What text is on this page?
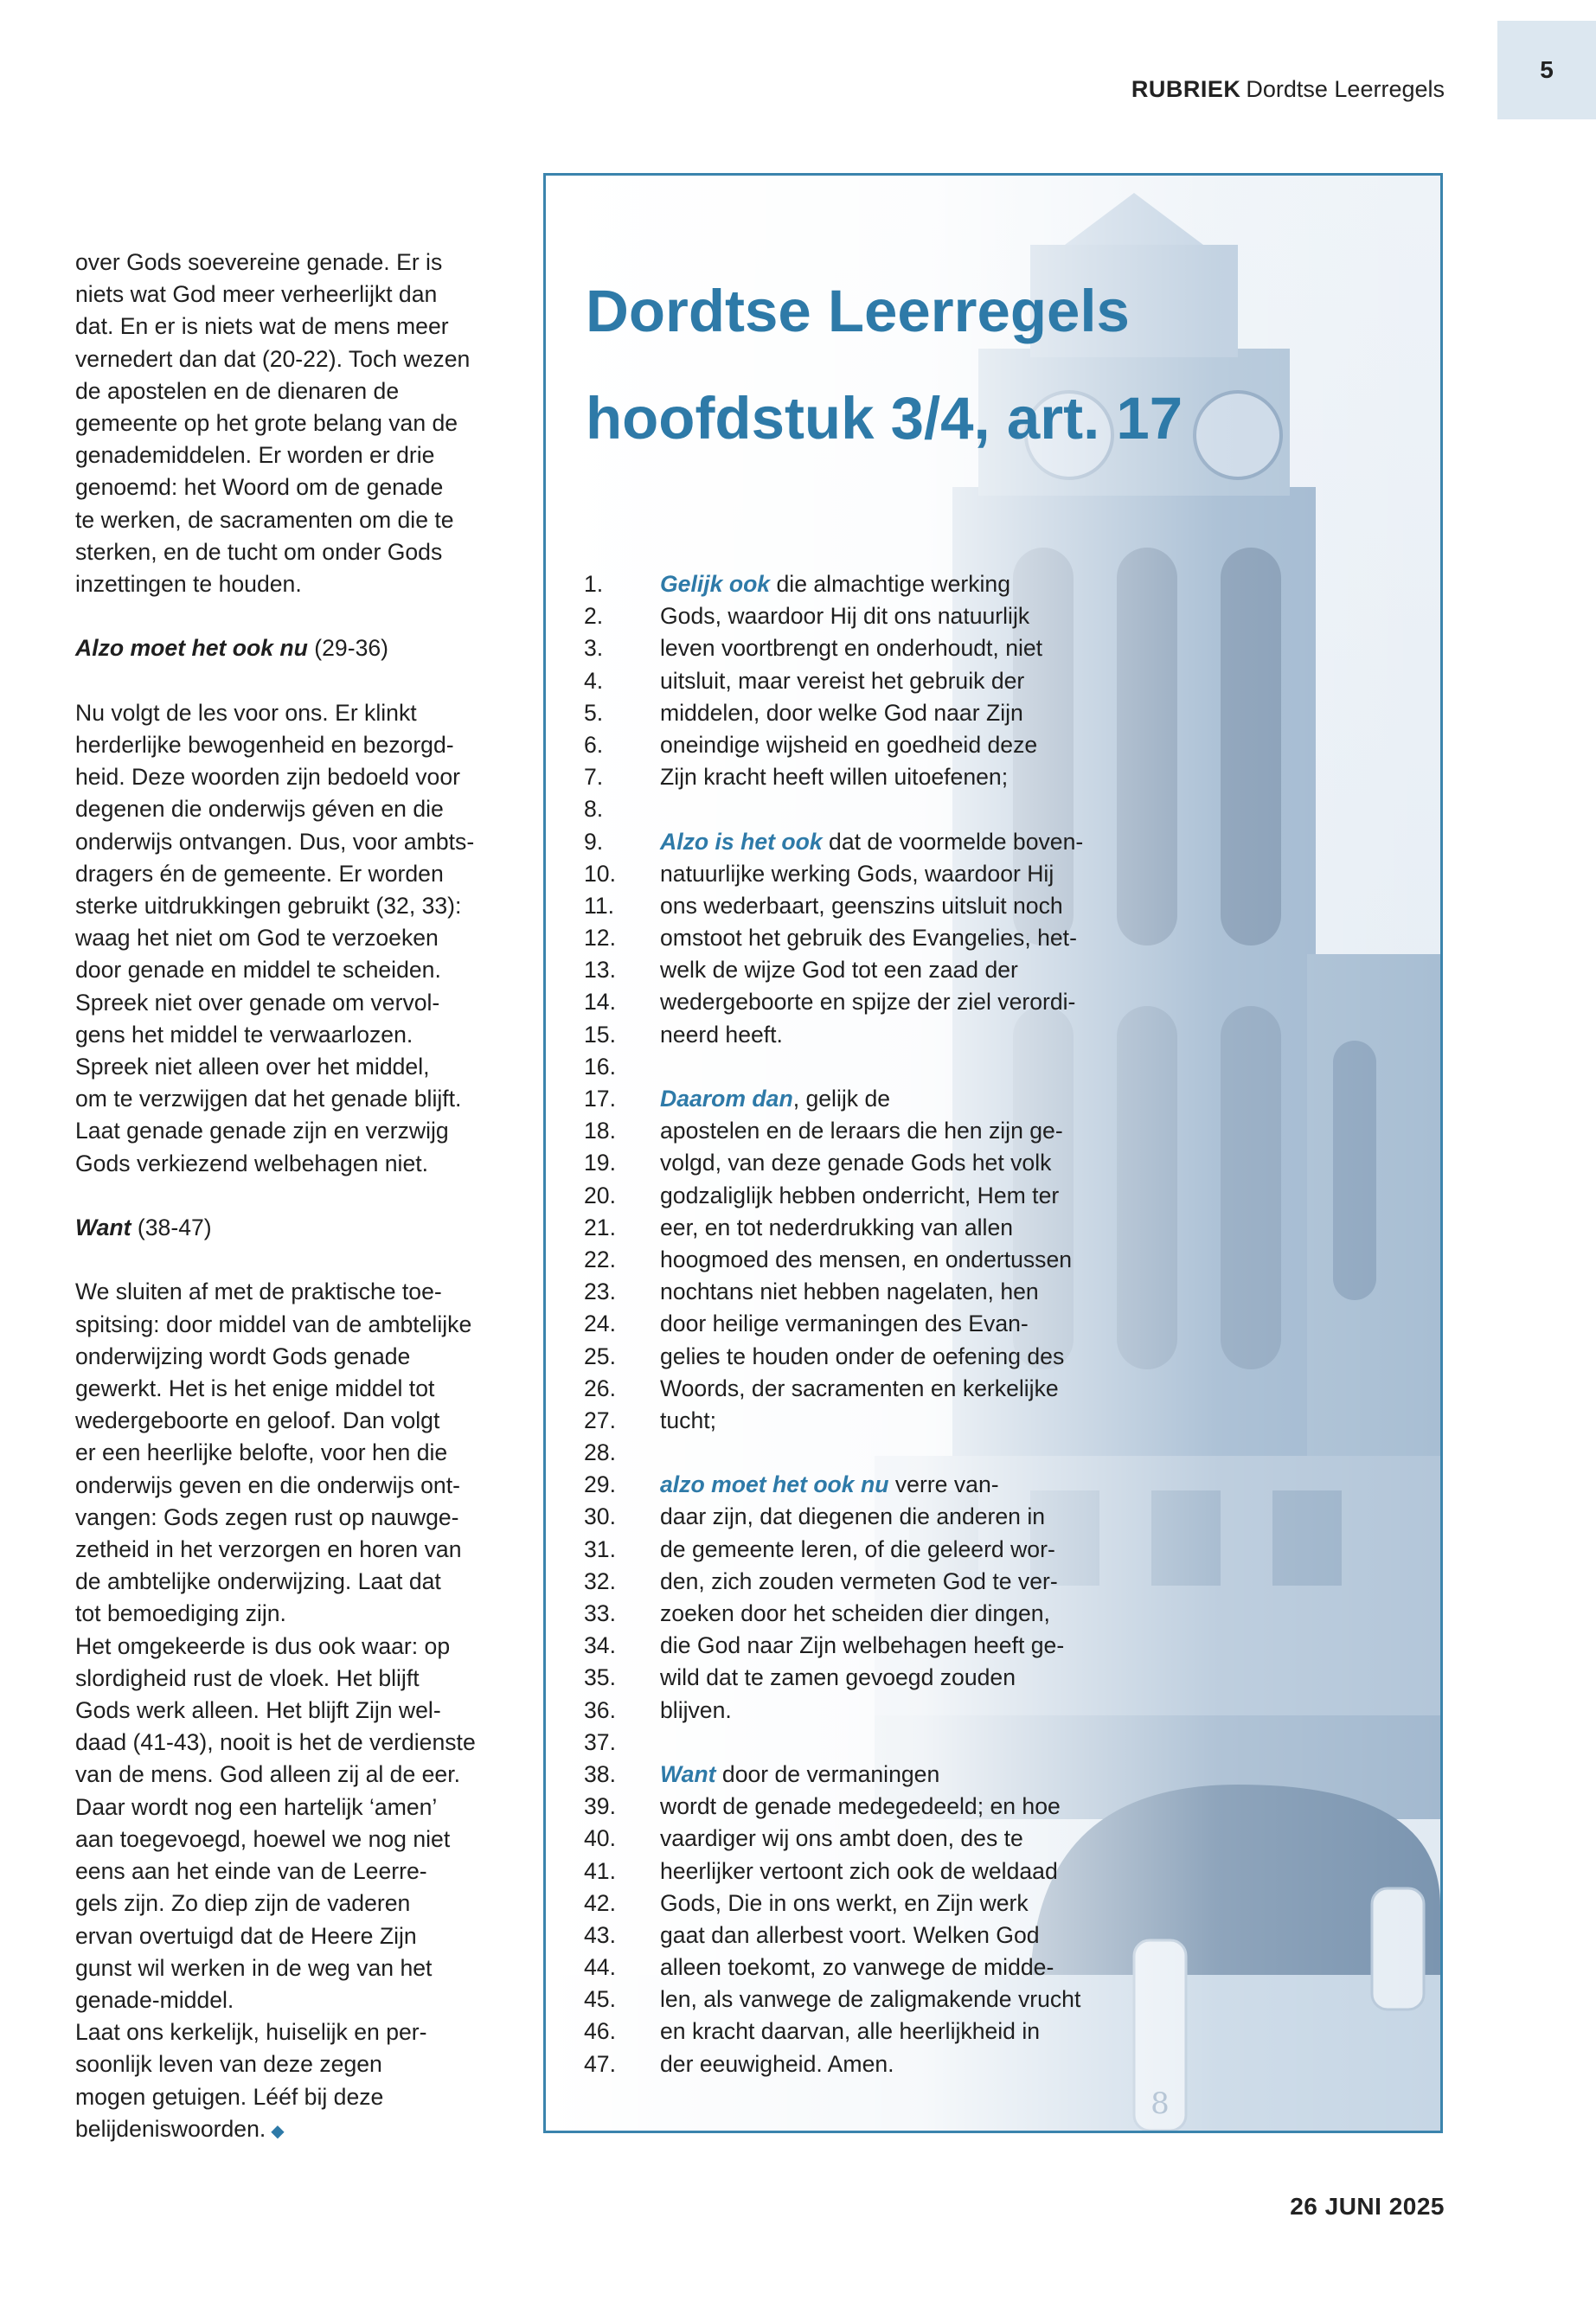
RUBRIEK Dordtse Leerregels
5

over Gods soevereine genade. Er is
niets wat God meer verheerlijkt dan
dat. En er is niets wat de mens meer
vernedert dan dat (20-22). Toch wezen
de apostelen en de dienaren de
gemeente op het grote belang van de
genademiddelen. Er worden er drie
genoemd: het Woord om de genade
te werken, de sacramenten om die te
sterken, en de tucht om onder Gods
inzettingen te houden.

Alzo moet het ook nu (29-36)

Nu volgt de les voor ons. Er klinkt
herderlijke bewogenheid en bezorgd-
heid. Deze woorden zijn bedoeld voor
degenen die onderwijs géven en die
onderwijs ontvangen. Dus, voor ambts-
dragers én de gemeente. Er worden
sterke uitdrukkingen gebruikt (32, 33):
waag het niet om God te verzoeken
door genade en middel te scheiden.
Spreek niet over genade om vervol-
gens het middel te verwaarlozen.
Spreek niet alleen over het middel,
om te verzwijgen dat het genade blijft.
Laat genade genade zijn en verzwijg
Gods verkiezend welbehagen niet.

Want (38-47)

We sluiten af met de praktische toe-
spitsing: door middel van de ambtelijke
onderwijzing wordt Gods genade
gewerkt. Het is het enige middel tot
wedergeboorte en geloof. Dan volgt
er een heerlijke belofte, voor hen die
onderwijs geven en die onderwijs ont-
vangen: Gods zegen rust op nauwge-
zetheid in het verzorgen en horen van
de ambtelijke onderwijzing. Laat dat
tot bemoediging zijn.
Het omgekeerde is dus ook waar: op
slordigheid rust de vloek. Het blijft
Gods werk alleen. Het blijft Zijn wel-
daad (41-43), nooit is het de verdienste
van de mens. God alleen zij al de eer.
Daar wordt nog een hartelijk ‘amen’
aan toegevoegd, hoewel we nog niet
eens aan het einde van de Leerre-
gels zijn. Zo diep zijn de vaderen
ervan overtuigd dat de Heere Zijn
gunst wil werken in de weg van het
genade-middel.
Laat ons kerkelijk, huiselijk en per-
soonlijk leven van deze zegen
mogen getuigen. Lééf bij deze
belijdeniswoorden. ◆

Dordtse Leerregels
hoofdstuk 3/4, art. 17
1.	Gelijk ook die almachtige werking
2.	Gods, waardoor Hij dit ons natuurlijk
3.	leven voortbrengt en onderhoudt, niet
4.	uitsluit, maar vereist het gebruik der
5.	middelen, door welke God naar Zijn
6.	oneindige wijsheid en goedheid deze
7.	Zijn kracht heeft willen uitoefenen;
8.
9.	Alzo is het ook dat de voormelde boven-
10.	natuurlijke werking Gods, waardoor Hij
11.	ons wederbaart, geenszins uitsluit noch
12.	omstoot het gebruik des Evangelies, het-
13.	welk de wijze God tot een zaad der
14.	wedergeboorte en spijze der ziel verordi-
15.	neerd heeft.
16.
17.	Daarom dan, gelijk de
18.	apostelen en de leraars die hen zijn ge-
19.	volgd, van deze genade Gods het volk
20.	godzaliglijk hebben onderricht, Hem ter
21.	eer, en tot nederdrukking van allen
22.	hoogmoed des mensen, en ondertussen
23.	nochtans niet hebben nagelaten, hen
24.	door heilige vermaningen des Evan-
25.	gelies te houden onder de oefening des
26.	Woords, der sacramenten en kerkelijke
27.	tucht;
28.
29.	alzo moet het ook nu verre van-
30.	daar zijn, dat diegenen die anderen in
31.	de gemeente leren, of die geleerd wor-
32.	den, zich zouden vermeten God te ver-
33.	zoeken door het scheiden dier dingen,
34.	die God naar Zijn welbehagen heeft ge-
35.	wild dat te zamen gevoegd zouden
36.	blijven.
37.
38.	Want door de vermaningen
39.	wordt de genade medegedeeld; en hoe
40.	vaardiger wij ons ambt doen, des te
41.	heerlijker vertoont zich ook de weldaad
42.	Gods, Die in ons werkt, en Zijn werk
43.	gaat dan allerbest voort. Welken God
44.	alleen toekomt, zo vanwege de midde-
45.	len, als vanwege de zaligmakende vrucht
46.	en kracht daarvan, alle heerlijkheid in
47.	der eeuwigheid. Amen.
26 JUNI 2025
